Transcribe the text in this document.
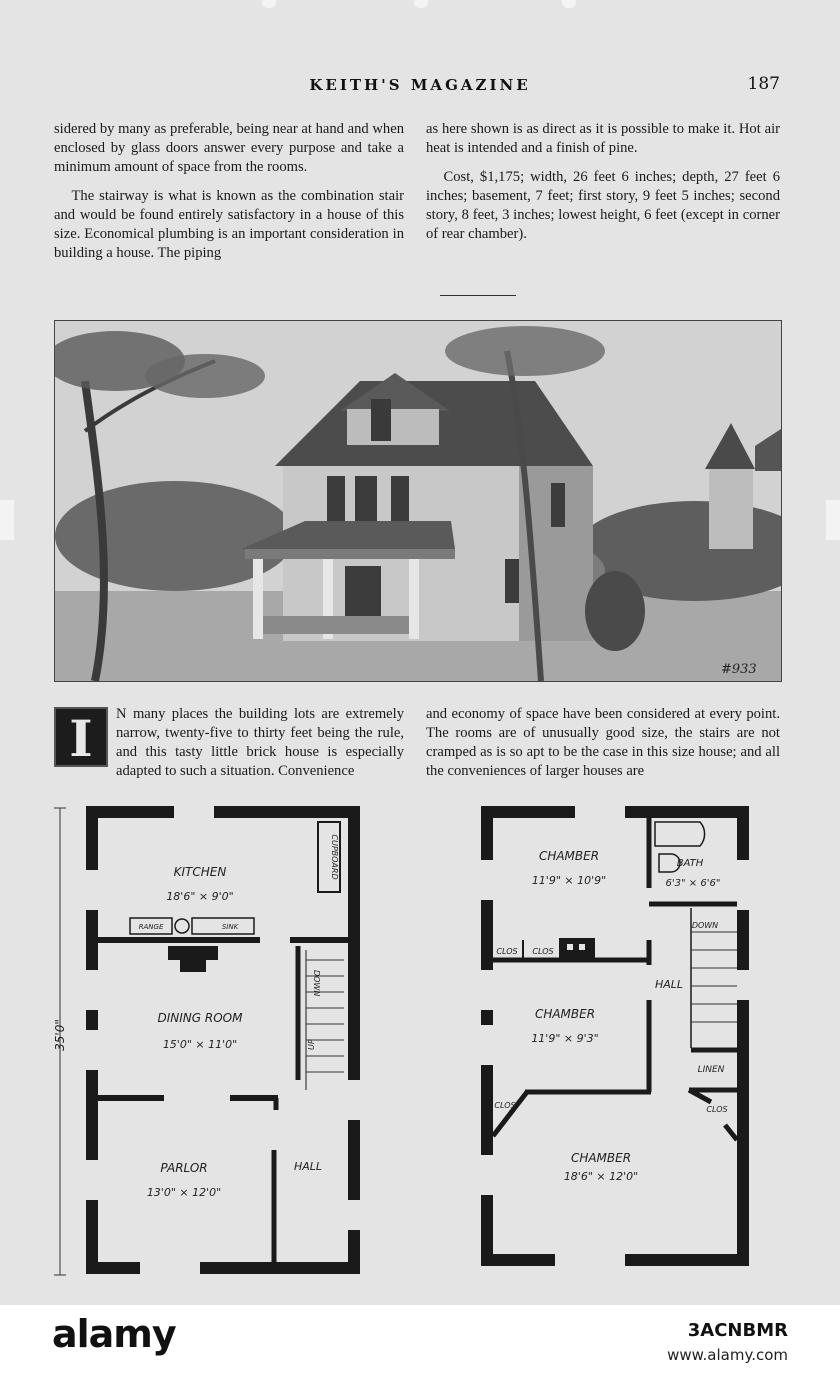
KEITH'S MAGAZINE	187

sidered by many as preferable, being near at hand and when enclosed by glass doors answer every purpose and take a minimum amount of space from the rooms.

The stairway is what is known as the combination stair and would be found entirely satisfactory in a house of this size. Economical plumbing is an important consideration in building a house. The piping

as here shown is as direct as it is possible to make it. Hot air heat is intended and a finish of pine.

Cost, $1,175; width, 26 feet 6 inches; depth, 27 feet 6 inches; basement, 7 feet; first story, 9 feet 5 inches; second story, 8 feet, 3 inches; lowest height, 6 feet (except in corner of rear chamber).

#933
I	N many places the building lots are extremely narrow, twenty-five to thirty feet being the rule, and this tasty little brick house is especially adapted to such a situation. Convenience
and economy of space have been considered at every point. The rooms are of unusually good size, the stairs are not cramped as is so apt to be the case in this size house; and all the conveniences of larger houses are
35'0"
CUPBOARD
KITCHEN
18'6" × 9'0"
RANGE	SINK
DOWN
UP
DINING ROOM
15'0" × 11'0"
PARLOR
13'0" × 12'0"
HALL
BATH
6'3" × 6'6"
CHAMBER
11'9" × 10'9"
CLOS CLOS
DOWN
HALL
CHAMBER
11'9" × 9'3"
CLOS
LINEN
CLOS
CHAMBER
18'6" × 12'0"
alamy	3ACNBMR
www.alamy.com
